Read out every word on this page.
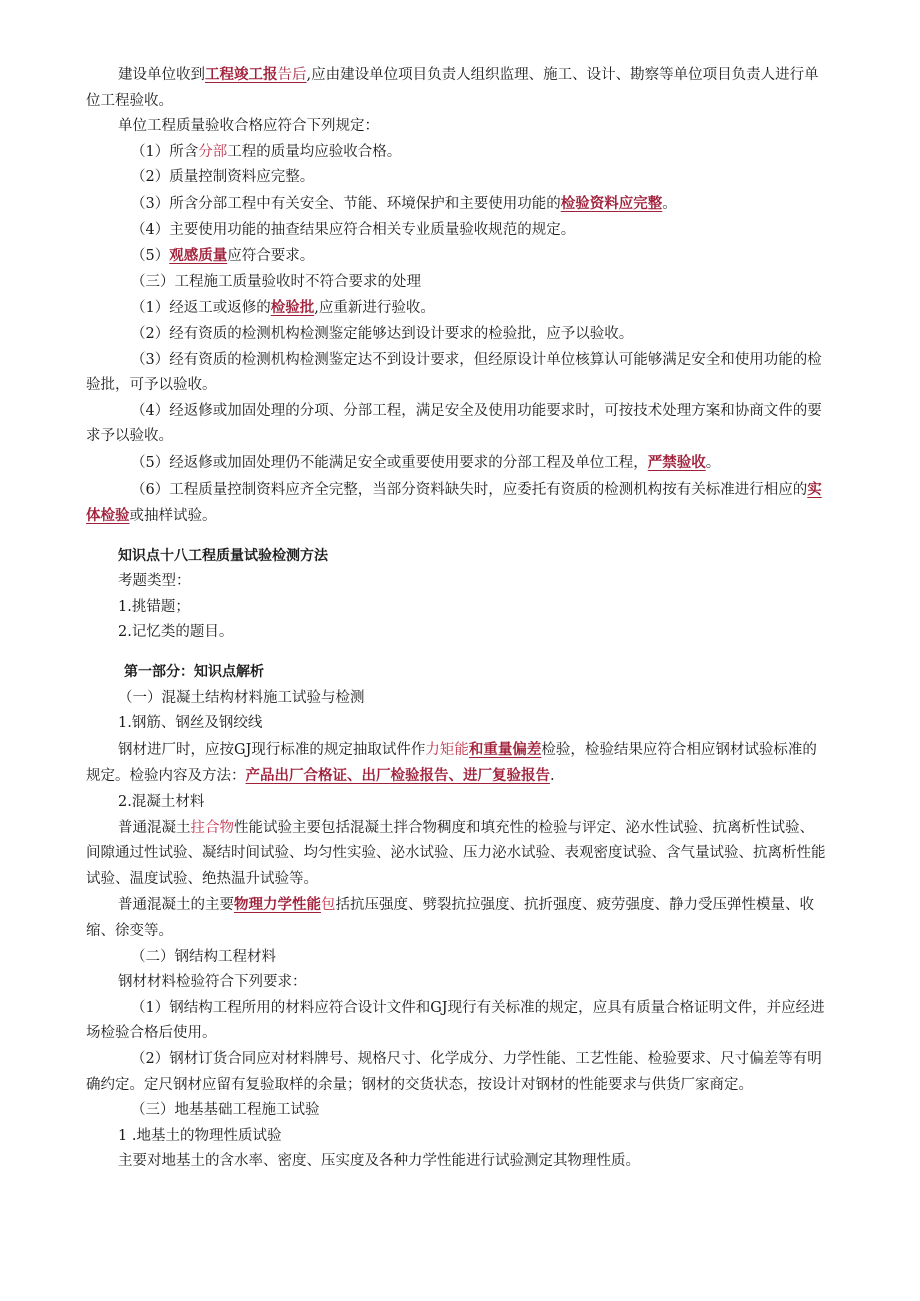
建设单位收到工程竣工报告后,应由建设单位项目负责人组织监理、施工、设计、勘察等单位项目负责人进行单位工程验收。

单位工程质量验收合格应符合下列规定：

（1）所含分部工程的质量均应验收合格。

（2）质量控制资料应完整。

（3）所含分部工程中有关安全、节能、环境保护和主要使用功能的检验资料应完整。

（4）主要使用功能的抽查结果应符合相关专业质量验收规范的规定。

（5）观感质量应符合要求。

（三）工程施工质量验收时不符合要求的处理

（1）经返工或返修的检验批,应重新进行验收。

（2）经有资质的检测机构检测鉴定能够达到设计要求的检验批，应予以验收。

（3）经有资质的检测机构检测鉴定达不到设计要求，但经原设计单位核算认可能够满足安全和使用功能的检验批，可予以验收。

（4）经返修或加固处理的分项、分部工程，满足安全及使用功能要求时，可按技术处理方案和协商文件的要求予以验收。

（5）经返修或加固处理仍不能满足安全或重要使用要求的分部工程及单位工程，严禁验收。

（6）工程质量控制资料应齐全完整，当部分资料缺失时，应委托有资质的检测机构按有关标准进行相应的实体检验或抽样试验。

知识点十八工程质量试验检测方法

考题类型：

1.挑错题；

2.记忆类的题目。

第一部分：知识点解析

（一）混凝土结构材料施工试验与检测

1.钢筋、钢丝及钢绞线

钢材进厂时，应按GJ现行标准的规定抽取试件作力矩能和重量偏差检验，检验结果应符合相应钢材试验标准的规定。检验内容及方法：产品出厂合格证、出厂检验报告、进厂复验报告.

2.混凝土材料

普通混凝土拄合物性能试验主要包括混凝土拌合物稠度和填充性的检验与评定、泌水性试验、抗离析性试验、间隙通过性试验、凝结时间试验、均匀性实验、泌水试验、压力泌水试验、表观密度试验、含气量试验、抗离析性能试验、温度试验、绝热温升试验等。

普通混凝土的主要物理力学性能包括抗压强度、劈裂抗拉强度、抗折强度、疲劳强度、静力受压弹性模量、收缩、徐变等。

（二）钢结构工程材料

钢材材料检验符合下列要求：

（1）钢结构工程所用的材料应符合设计文件和GJ现行有关标准的规定，应具有质量合格证明文件，并应经进场检验合格后使用。

（2）钢材订货合同应对材料牌号、规格尺寸、化学成分、力学性能、工艺性能、检验要求、尺寸偏差等有明确约定。定尺钢材应留有复验取样的余量；钢材的交货状态，按设计对钢材的性能要求与供货厂家商定。

（三）地基基础工程施工试验

1 .地基土的物理性质试验

主要对地基土的含水率、密度、压实度及各种力学性能进行试验测定其物理性质。
